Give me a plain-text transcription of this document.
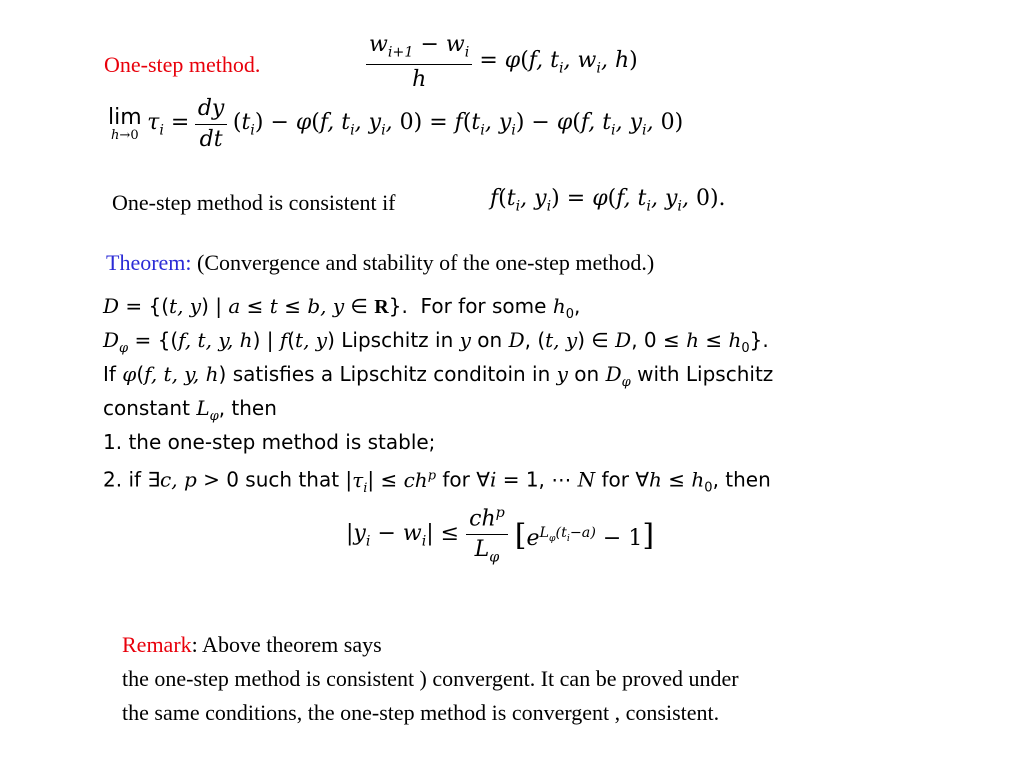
One-step method.	$\frac{w_{i+1} - w_i}{h} = \varphi(f$, $t_i$, $w_i$, h)
lim
h→0
$\tau_i = \frac{dy}{dt} (t_i) - \varphi(f$, $t_i$, $y_i$, $0) = f(t_i$, $y_i) - \varphi(f$, $t_i$, $y_i$, 0)
One-step method is consistent if	$f(t_i$, $y_i) = \varphi(f$, $t_i$, $y_i$, 0).
Theorem: (Convergence and stability of the one-step method.)
D = {(t, y) | a ≤ t ≤ b, y ∈ R}.  For for some $h_0$,
$D_\varphi = \{(f$, t, y, h) | f(t, y) Lipschitz in y on D, (t, y) ∈ D, $0 \le h \le h_0$}.
If φ(f, t, y, h) satisfies a Lipschitz conditoin in y on $D_\varphi$ with Lipschitz
constant $L_\varphi$, then
1. the one-step method is stable;
2. if ∃c, p > 0 such that $|\tau_i| \le ch^p$ for ∀i = 1, ⋯ N for ∀h ≤ $h_0$, then
$|y_i - w_i| \le \frac{ch^p}{L_\varphi} [e^{L_\varphi(t_i-a)} - 1]$
Remark: Above theorem says
the one-step method is consistent ) convergent. It can be proved under
the same conditions, the one-step method is convergent , consistent.
